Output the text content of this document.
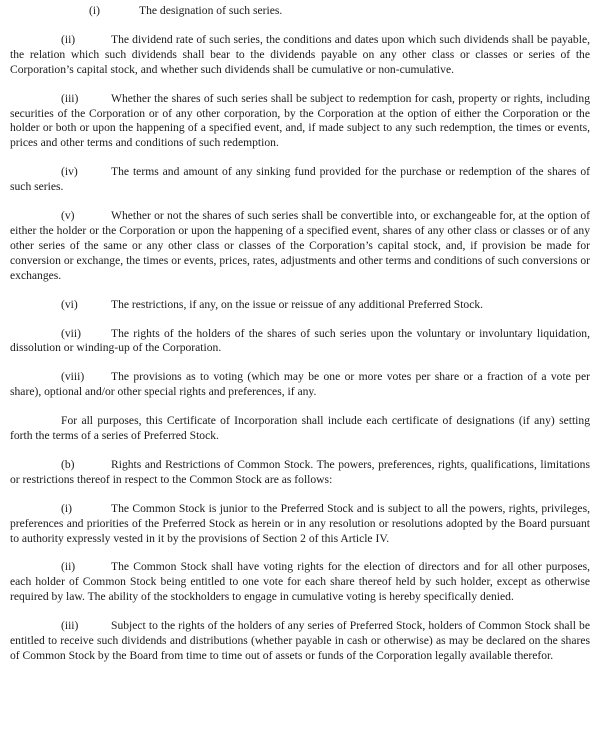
(i)	The designation of such series.

(ii)	The dividend rate of such series, the conditions and dates upon which such dividends shall be payable, the relation which such dividends shall bear to the dividends payable on any other class or classes or series of the Corporation’s capital stock, and whether such dividends shall be cumulative or non-cumulative.

(iii)	Whether the shares of such series shall be subject to redemption for cash, property or rights, including securities of the Corporation or of any other corporation, by the Corporation at the option of either the Corporation or the holder or both or upon the happening of a specified event, and, if made subject to any such redemption, the times or events, prices and other terms and conditions of such redemption.

(iv)	The terms and amount of any sinking fund provided for the purchase or redemption of the shares of such series.

(v)	Whether or not the shares of such series shall be convertible into, or exchangeable for, at the option of either the holder or the Corporation or upon the happening of a specified event, shares of any other class or classes or of any other series of the same or any other class or classes of the Corporation’s capital stock, and, if provision be made for conversion or exchange, the times or events, prices, rates, adjustments and other terms and conditions of such conversions or exchanges.

(vi)	The restrictions, if any, on the issue or reissue of any additional Preferred Stock.

(vii)	The rights of the holders of the shares of such series upon the voluntary or involuntary liquidation, dissolution or winding-up of the Corporation.

(viii) The provisions as to voting (which may be one or more votes per share or a fraction of a vote per share), optional and/or other special rights and preferences, if any.

For all purposes, this Certificate of Incorporation shall include each certificate of designations (if any) setting forth the terms of a series of Preferred Stock.

(b)	Rights and Restrictions of Common Stock. The powers, preferences, rights, qualifications, limitations or restrictions thereof in respect to the Common Stock are as follows:

(i)	The Common Stock is junior to the Preferred Stock and is subject to all the powers, rights, privileges, preferences and priorities of the Preferred Stock as herein or in any resolution or resolutions adopted by the Board pursuant to authority expressly vested in it by the provisions of Section 2 of this Article IV.

(ii)	The Common Stock shall have voting rights for the election of directors and for all other purposes, each holder of Common Stock being entitled to one vote for each share thereof held by such holder, except as otherwise required by law. The ability of the stockholders to engage in cumulative voting is hereby specifically denied.

(iii)	Subject to the rights of the holders of any series of Preferred Stock, holders of Common Stock shall be entitled to receive such dividends and distributions (whether payable in cash or otherwise) as may be declared on the shares of Common Stock by the Board from time to time out of assets or funds of the Corporation legally available therefor.
